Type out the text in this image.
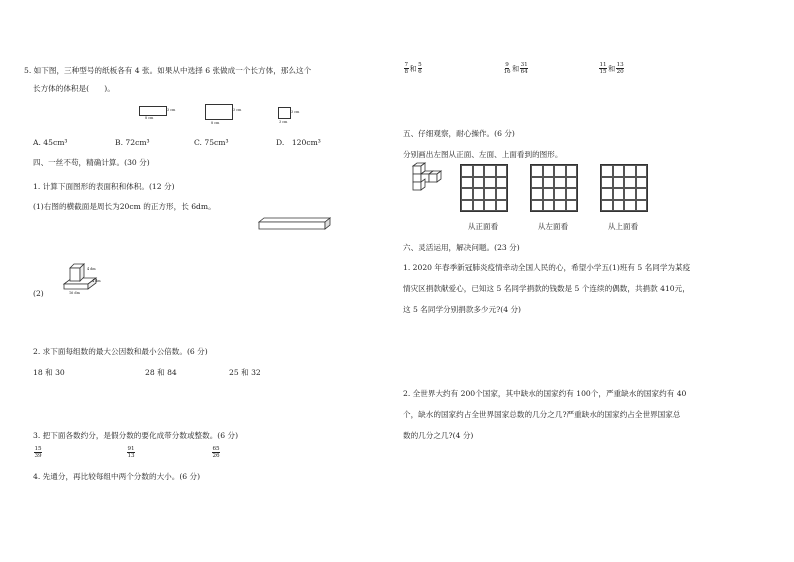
5. 如下图，三种型号的纸板各有 4 张。如果从中选择 6 张做成一个长方体，那么这个
长方体的体积是(　　)。
3 cm
8 cm
3 cm
8 cm
3 cm
3 cm
A. 45cm³	B. 72cm³	C. 75cm³	D.　120cm³
四、一丝不苟，精确计算。(30 分)
1. 计算下面图形的表面积和体积。(12 分)
(1)右图的横截面是周长为20cm 的正方形，长 6dm。
4 dm
4 dm
16 dm
(2)
2. 求下面每组数的最大公因数和最小公倍数。(6 分)
18 和 30	28 和 84	25 和 32
3. 把下面各数约分，是假分数的要化成带分数或整数。(6 分)
$\frac{15}{39}$	$\frac{91}{13}$	$\frac{65}{26}$
4. 先通分，再比较每组中两个分数的大小。(6 分)
$\frac{7}{8}$ 和 $\frac{5}{6}$	$\frac{9}{16}$ 和 $\frac{31}{64}$	$\frac{11}{15}$ 和 $\frac{13}{20}$
五、仔细观察，耐心操作。(6 分)
分别画出左图从正面、左面、上面看到的图形。
从正面看	从左面看	从上面看
六、灵活运用，解决问题。(23 分)
1. 2020 年春季新冠肺炎疫情牵动全国人民的心，希望小学五(1)班有 5 名同学为某疫
情灾区捐款献爱心，已知这 5 名同学捐款的钱数是 5 个连续的偶数，共捐款 410元，
这 5 名同学分别捐款多少元?(4 分)
2. 全世界大约有 200个国家，其中缺水的国家约有 100个，严重缺水的国家约有 40
个，缺水的国家约占全世界国家总数的几分之几?严重缺水的国家约占全世界国家总
数的几分之几?(4 分)
